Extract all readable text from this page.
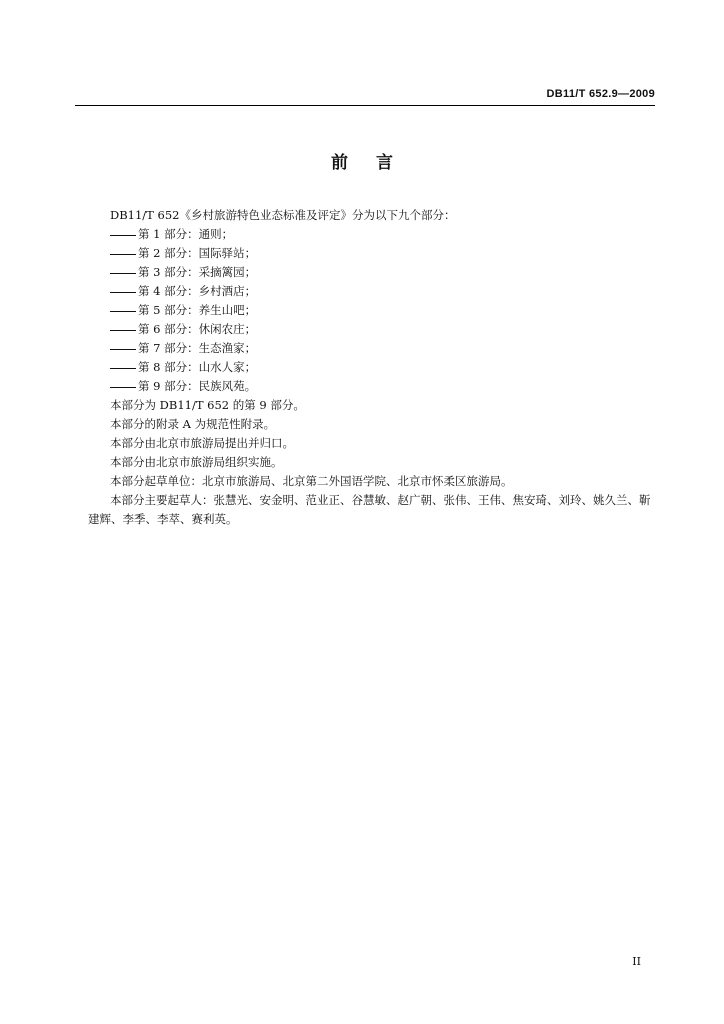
DB11/T 652.9—2009
前言

DB11/T 652《乡村旅游特色业态标准及评定》分为以下九个部分：

第 1 部分：通则；

第 2 部分：国际驿站；

第 3 部分：采摘篱园；

第 4 部分：乡村酒店；

第 5 部分：养生山吧；

第 6 部分：休闲农庄；

第 7 部分：生态渔家；

第 8 部分：山水人家；

第 9 部分：民族风苑。

本部分为 DB11/T 652 的第 9 部分。

本部分的附录 A 为规范性附录。

本部分由北京市旅游局提出并归口。

本部分由北京市旅游局组织实施。

本部分起草单位：北京市旅游局、北京第二外国语学院、北京市怀柔区旅游局。

本部分主要起草人：张慧光、安金明、范业正、谷慧敏、赵广朝、张伟、王伟、焦安琦、刘玲、姚久兰、靳建辉、李季、李萃、赛利英。

II
